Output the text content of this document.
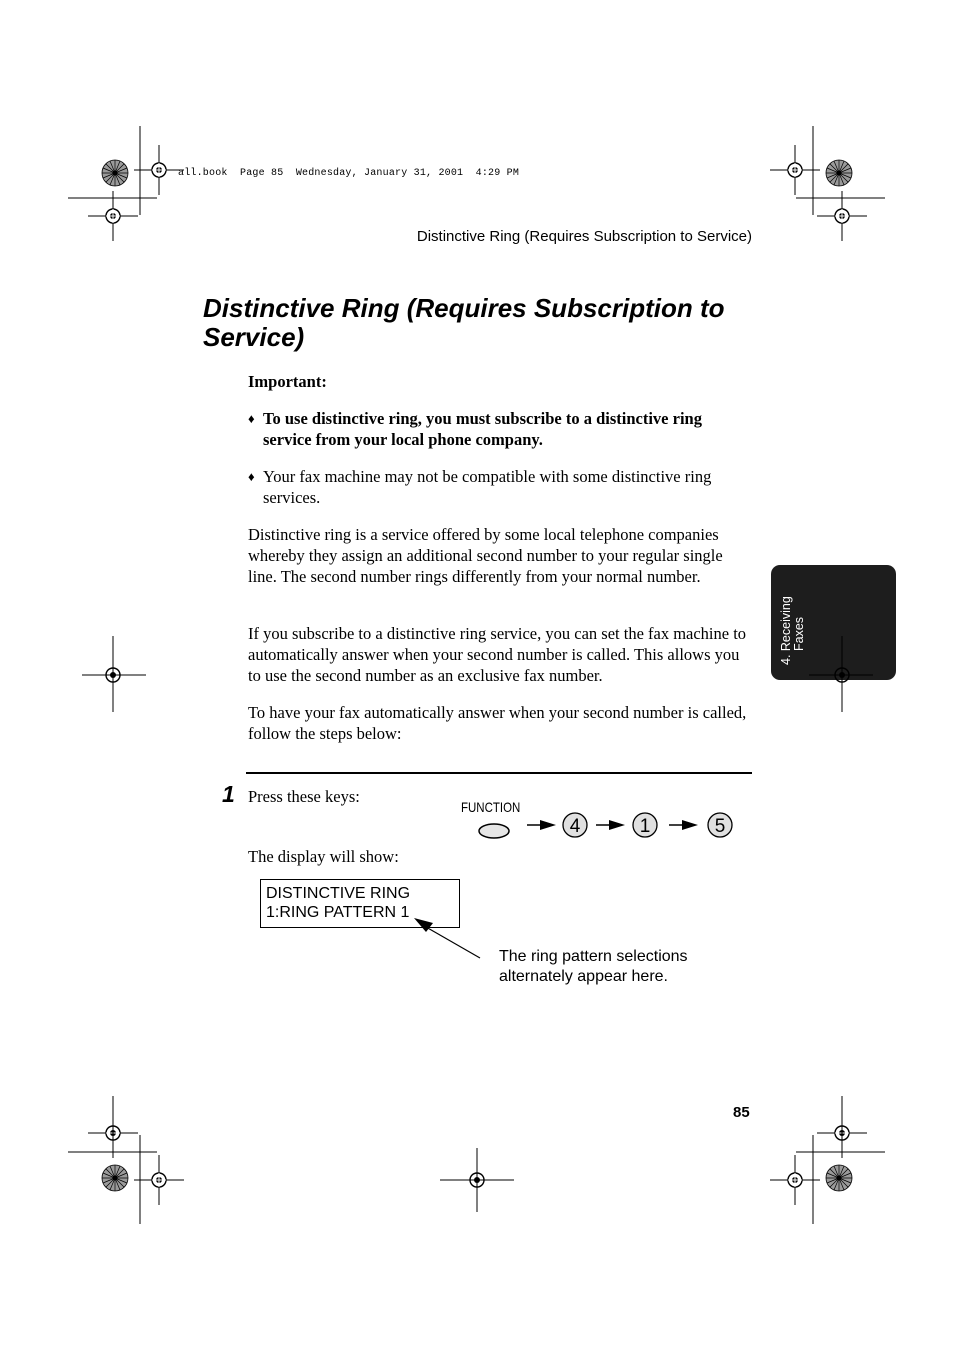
all.book  Page 85  Wednesday, January 31, 2001  4:29 PM
Distinctive Ring (Requires Subscription to Service)
Distinctive Ring (Requires Subscription to Service)
Important:
♦ To use distinctive ring, you must subscribe to a distinctive ring service from your local phone company.
♦ Your fax machine may not be compatible with some distinctive ring services.
Distinctive ring is a service offered by some local telephone companies whereby they assign an additional second number to your regular single line. The second number rings differently from your normal number.
If you subscribe to a distinctive ring service, you can set the fax machine to automatically answer when your second number is called. This allows you to use the second number as an exclusive fax number.
To have your fax automatically answer when your second number is called, follow the steps below:
1 Press these keys:
FUNCTION
4	1	5
The display will show:
DISTINCTIVE RING
1:RING PATTERN 1
The ring pattern selections
alternately appear here.
4. Receiving Faxes
85
